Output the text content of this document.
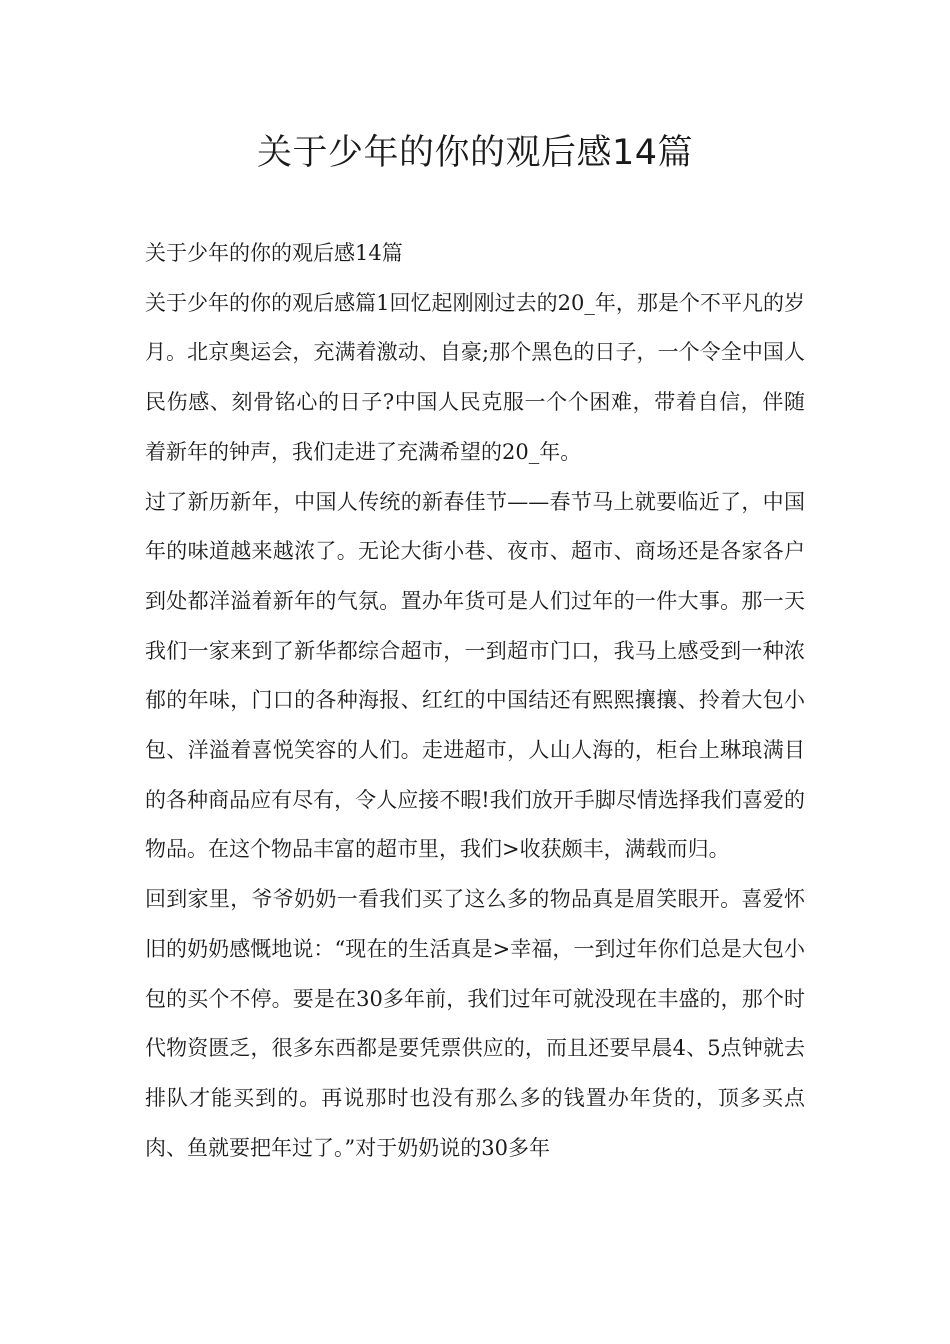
关于少年的你的观后感14篇

关于少年的你的观后感14篇

关于少年的你的观后感篇1回忆起刚刚过去的20_年，那是个不平凡的岁月。北京奥运会，充满着激动、自豪;那个黑色的日子，一个令全中国人民伤感、刻骨铭心的日子?中国人民克服一个个困难，带着自信，伴随着新年的钟声，我们走进了充满希望的20_年。

过了新历新年，中国人传统的新春佳节——春节马上就要临近了，中国年的味道越来越浓了。无论大街小巷、夜市、超市、商场还是各家各户到处都洋溢着新年的气氛。置办年货可是人们过年的一件大事。那一天我们一家来到了新华都综合超市，一到超市门口，我马上感受到一种浓郁的年味，门口的各种海报、红红的中国结还有熙熙攘攘、拎着大包小包、洋溢着喜悦笑容的人们。走进超市，人山人海的，柜台上琳琅满目的各种商品应有尽有，令人应接不暇!我们放开手脚尽情选择我们喜爱的物品。在这个物品丰富的超市里，我们>收获颇丰，满载而归。

回到家里，爷爷奶奶一看我们买了这么多的物品真是眉笑眼开。喜爱怀旧的奶奶感慨地说：“现在的生活真是>幸福，一到过年你们总是大包小包的买个不停。要是在30多年前，我们过年可就没现在丰盛的，那个时代物资匮乏，很多东西都是要凭票供应的，而且还要早晨4、5点钟就去排队才能买到的。再说那时也没有那么多的钱置办年货的，顶多买点肉、鱼就要把年过了。”对于奶奶说的30多年
